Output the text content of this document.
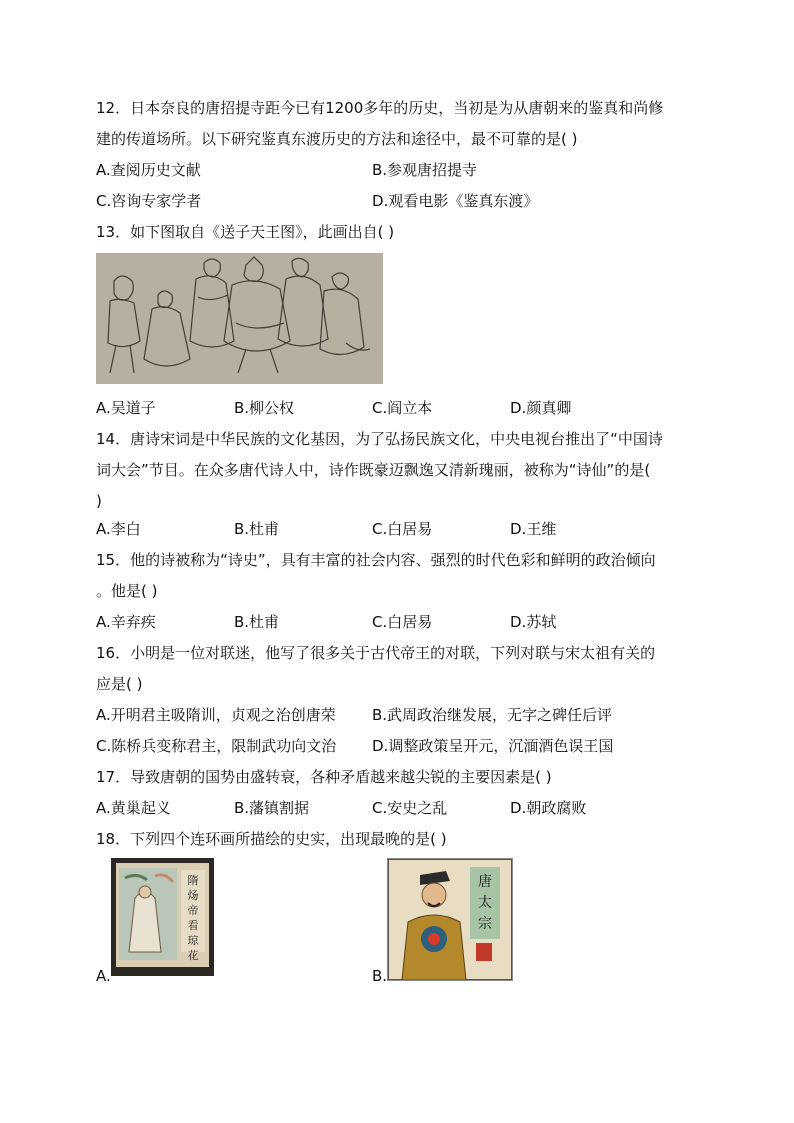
12．日本奈良的唐招提寺距今已有1200多年的历史，当初是为从唐朝来的鉴真和尚修
建的传道场所。以下研究鉴真东渡历史的方法和途径中，最不可靠的是( )
A.查阅历史文献	B.参观唐招提寺
C.咨询专家学者	D.观看电影《鉴真东渡》
13．如下图取自《送子天王图》，此画出自( )
A.吴道子	B.柳公权	C.阎立本	D.颜真卿
14．唐诗宋词是中华民族的文化基因，为了弘扬民族文化，中央电视台推出了“中国诗
词大会”节目。在众多唐代诗人中，诗作既豪迈飘逸又清新瑰丽，被称为“诗仙”的是(
)
A.李白	B.杜甫	C.白居易	D.王维
15．他的诗被称为“诗史”，具有丰富的社会内容、强烈的时代色彩和鲜明的政治倾向
。他是( )
A.辛弃疾	B.杜甫	C.白居易	D.苏轼
16．小明是一位对联迷，他写了很多关于古代帝王的对联，下列对联与宋太祖有关的
应是( )
A.开明君主吸隋训，贞观之治创唐荣 B.武周政治继发展，无字之碑任后评
C.陈桥兵变称君主，限制武功向文治 D.调整政策呈开元，沉湎酒色误王国
17．导致唐朝的国势由盛转衰，各种矛盾越来越尖锐的主要因素是( )
A.黄巢起义	B.藩镇割据	C.安史之乱	D.朝政腐败
18．下列四个连环画所描绘的史实，出现最晚的是( )
A.
隋
炀
帝
看
琼
花
B.
唐
太
宗
